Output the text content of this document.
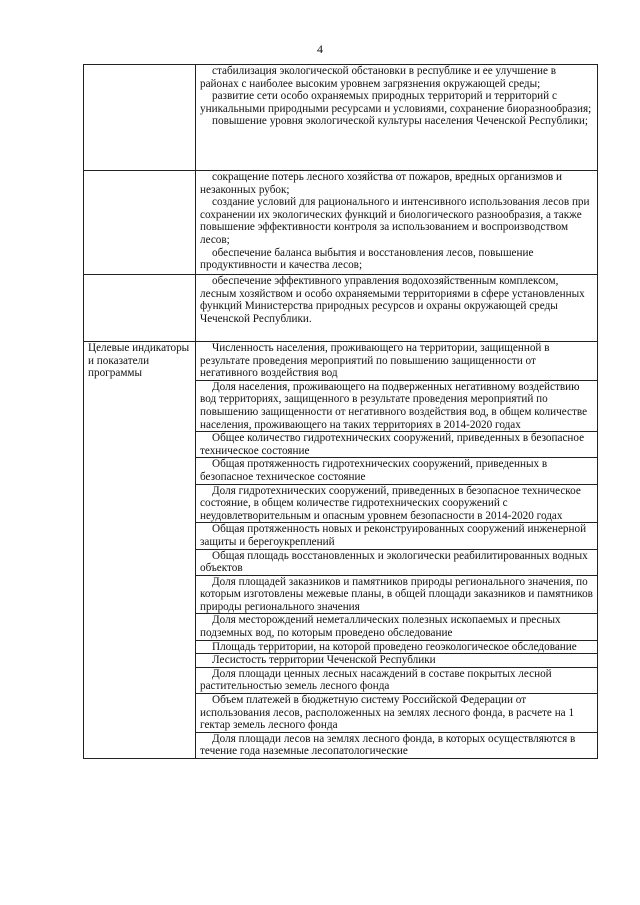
4

	стабилизация экологической обстановки в республике и ее улучшение в районах с наиболее высоким уровнем загрязнения окружающей среды;
развитие сети особо охраняемых природных территорий и территорий с уникальными природными ресурсами и условиями, сохранение биоразнообразия;
повышение уровня экологической культуры населения Чеченской Республики;

	сокращение потерь лесного хозяйства от пожаров, вредных организмов и незаконных рубок;
создание условий для рационального и интенсивного использования лесов при сохранении их экологических функций и биологического разнообразия, а также повышение эффективности контроля за использованием и воспроизводством лесов;
обеспечение баланса выбытия и восстановления лесов, повышение продуктивности и качества лесов;

	обеспечение эффективного управления водохозяйственным комплексом, лесным хозяйством и особо охраняемыми территориями в сфере установленных функций Министерства природных ресурсов и охраны окружающей среды Чеченской Республики.

Целевые индикаторы и показатели программы	Численность населения, проживающего на территории, защищенной в результате проведения мероприятий по повышению защищенности от негативного воздействия вод

	Доля населения, проживающего на подверженных негативному воздействию вод территориях, защищенного в результате проведения мероприятий по повышению защищенности от негативного воздействия вод, в общем количестве населения, проживающего на таких территориях в 2014-2020 годах

	Общее количество гидротехнических сооружений, приведенных в безопасное техническое состояние

	Общая протяженность гидротехнических сооружений, приведенных в безопасное техническое состояние

	Доля гидротехнических сооружений, приведенных в безопасное техническое состояние, в общем количестве гидротехнических сооружений с неудовлетворительным и опасным уровнем безопасности в 2014-2020 годах

	Общая протяженность новых и реконструированных сооружений инженерной защиты и берегоукреплений

	Общая площадь восстановленных и экологически реабилитированных водных объектов

	Доля площадей заказников и памятников природы регионального значения, по которым изготовлены межевые планы, в общей площади заказников и памятников природы регионального значения

	Доля месторождений неметаллических полезных ископаемых и пресных подземных вод, по которым проведено обследование

	Площадь территории, на которой проведено геоэкологическое обследование

	Лесистость территории Чеченской Республики

	Доля площади ценных лесных насаждений в составе покрытых лесной растительностью земель лесного фонда

	Объем платежей в бюджетную систему Российской Федерации от использования лесов, расположенных на землях лесного фонда, в расчете на 1 гектар земель лесного фонда

	Доля площади лесов на землях лесного фонда, в которых осуществляются в течение года наземные лесопатологические
